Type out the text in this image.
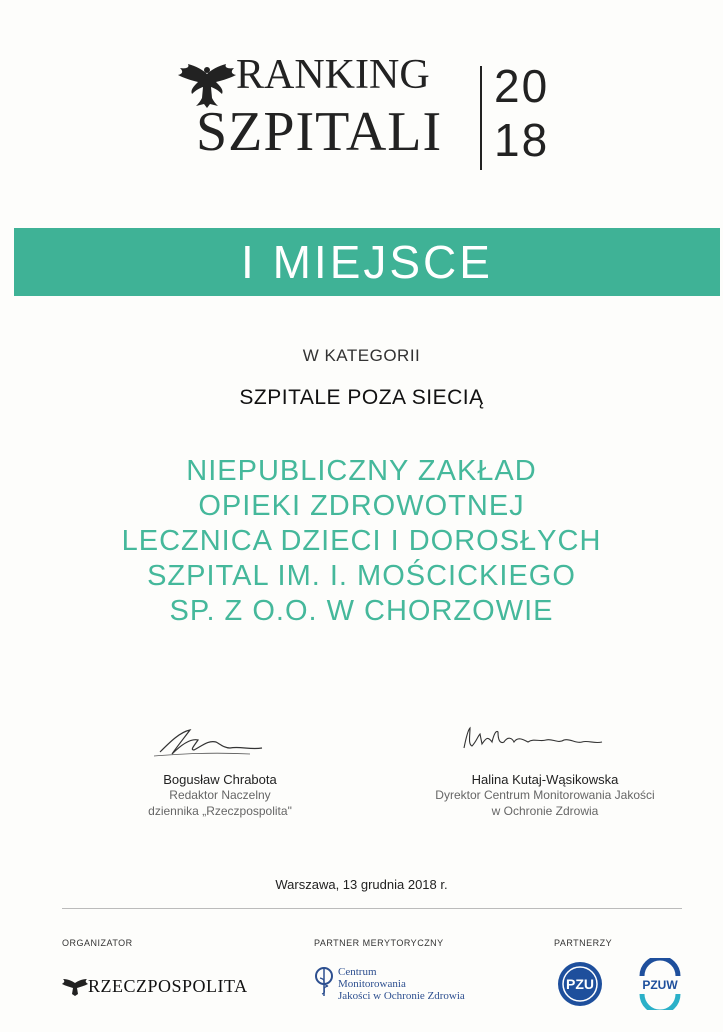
RANKING
SZPITALI
20
18
I MIEJSCE
W KATEGORII
SZPITALE POZA SIECIĄ
NIEPUBLICZNY ZAKŁAD
OPIEKI ZDROWOTNEJ
LECZNICA DZIECI I DOROSŁYCH
SZPITAL IM. I. MOŚCICKIEGO
SP. Z O.O. W CHORZOWIE
Bogusław Chrabota
Redaktor Naczelny
dziennika „Rzeczpospolita"
Halina Kutaj-Wąsikowska
Dyrektor Centrum Monitorowania Jakości
w Ochronie Zdrowia
Warszawa, 13 grudnia 2018 r.
ORGANIZATOR	PARTNER MERYTORYCZNY	PARTNERZY
RZECZPOSPOLITA
Centrum
Monitorowania
Jakości w Ochronie Zdrowia
PZU	PZUW
